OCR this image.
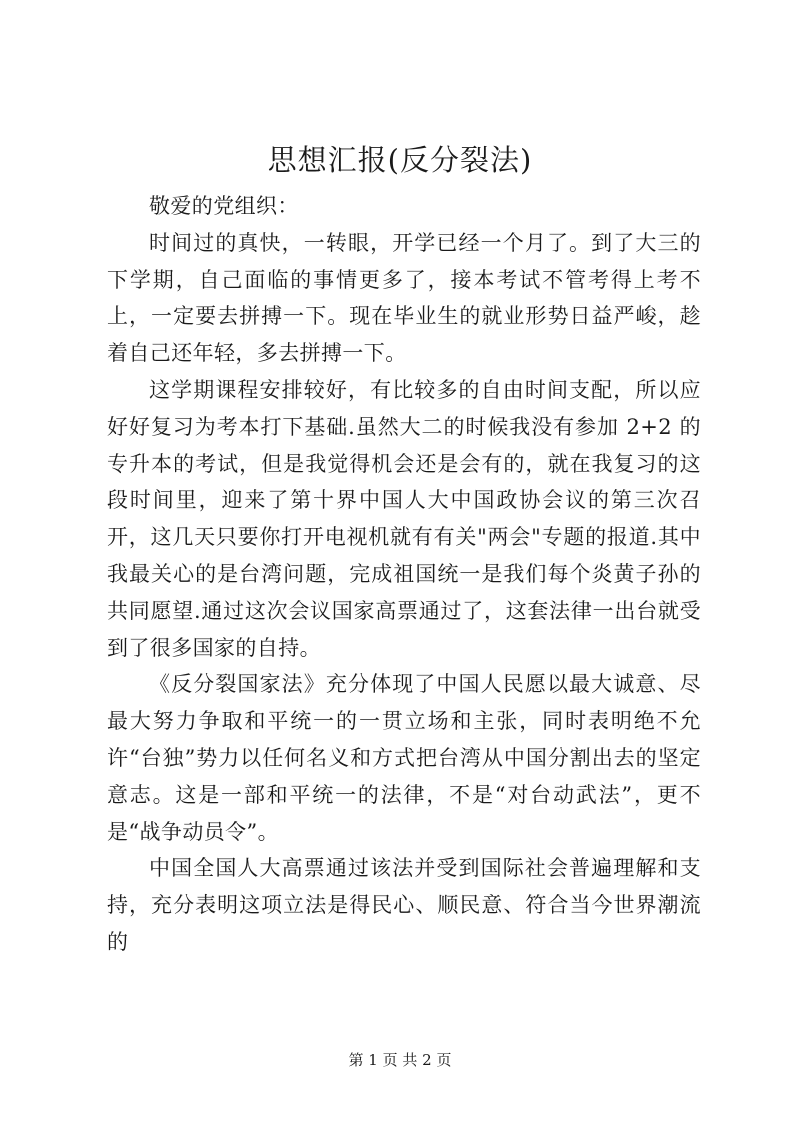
思想汇报(反分裂法)

敬爱的党组织：

时间过的真快，一转眼，开学已经一个月了。到了大三的下学期，自己面临的事情更多了，接本考试不管考得上考不上，一定要去拼搏一下。现在毕业生的就业形势日益严峻，趁着自己还年轻，多去拼搏一下。

这学期课程安排较好，有比较多的自由时间支配，所以应好好复习为考本打下基础.虽然大二的时候我没有参加 2+2 的专升本的考试，但是我觉得机会还是会有的，就在我复习的这段时间里，迎来了第十界中国人大中国政协会议的第三次召开，这几天只要你打开电视机就有有关"两会"专题的报道.其中我最关心的是台湾问题，完成祖国统一是我们每个炎黄子孙的共同愿望.通过这次会议国家高票通过了，这套法律一出台就受到了很多国家的自持。

《反分裂国家法》充分体现了中国人民愿以最大诚意、尽最大努力争取和平统一的一贯立场和主张，同时表明绝不允许“台独”势力以任何名义和方式把台湾从中国分割出去的坚定意志。这是一部和平统一的法律，不是“对台动武法”，更不是“战争动员令”。

中国全国人大高票通过该法并受到国际社会普遍理解和支持，充分表明这项立法是得民心、顺民意、符合当今世界潮流的

第 1 页 共 2 页
